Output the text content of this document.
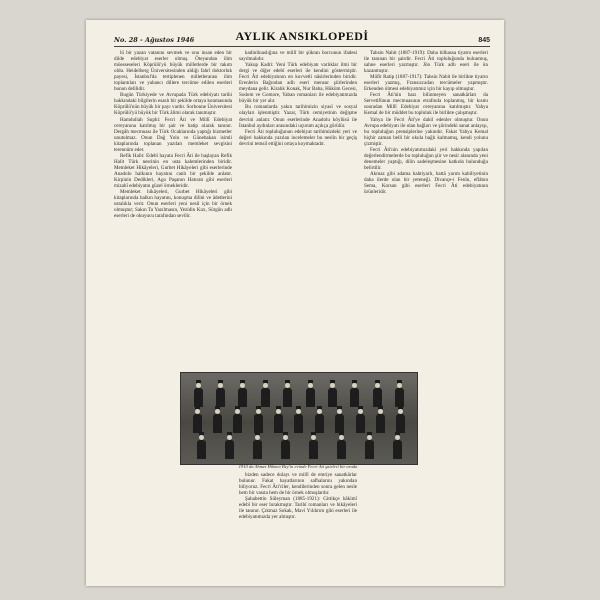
No. 28 - Ağustos 1946	AYLIK ANSIKLOPEDİ	845

lü bir yazan vatanını sevmek ve onu insan eden bir dilde edebiyat eserler olmuş. Öteyandan ilim müesseseleri Köprülü'yü büyük milletlerde bir takım oldu. Heidelberg Üniversitesinden aldığı fahrî doktorluk payesi, İstanbul'da tertiplenen milletlerarası ilim toplantıları ve yabancı dillere tercüme edilen eserleri bunun delilidir.

Bugün Türkiyede ve Avrupada Türk edebiyatı tarihi hakkındaki bilgilerin esaslı bir şekilde ortaya konmasında Köprülü'nün büyük bir payı vardır. Sorbonne Üniversitesi Köprülü'yü büyük bir Türk âlimi olarak tanımıştır.

Hamdullah Suphi: Fecri Âti ve Millî Edebiyat cereyanına katılmış bir şair ve hatip olarak tanınır. Dergâh mecmuası ile Türk Ocaklarında yaptığı hizmetler unutulmaz. Onun Dağ Yolu ve Günebakan isimli kitaplarında toplanan yazıları memleket sevgisini terennüm eder.

Refik Halit: Edebî hayata Fecri Âti ile başlayan Refik Halit Türk nesrinin en usta kalemlerinden biridir. Memleket Hikâyeleri, Gurbet Hikâyeleri gibi eserlerinde Anadolu halkının hayatını canlı bir şekilde anlatır. Kirpinin Dedikleri, Ago Paşanın Hatıratı gibi eserleri mizahî edebiyatın güzel örnekleridir.

Memleket hikâyeleri, Gurbet Hikâyeleri gibi kitaplarında halkın hayatını, konuşma dilini ve âdetlerini ustalıkla verir. Onun eserleri yeni nesil için bir örnek olmuştur; Sakın Ta Yazılmasın, Yezidin Kızı, Sürgün adlı eserleri de okuyucu tarafından sevilir.

kadinlinaslığına ve millî bir şükran borcunun ifadesi sayılmalıdır.

Yakup Kadri: Yeni Türk edebiyatı varlıklar ilmi bir dergi ve diğer edebî eserleri ile kendini göstermiştir. Fecri Âti edebiyatının en kuvvetli nâsirlerinden biridir. Erenlerin Bağından adlı eseri mensur şiirlerinden meydana gelir. Kiralık Konak, Nur Baba, Hüküm Gecesi, Sodom ve Gomore, Yaban romanları ile edebiyatımızda büyük bir yer alır.

Bu romanlarda yakın tarihimizin siyasî ve sosyal olayları işlenmiştir. Yazar, Türk cemiyetinin değişme devrini anlatır. Onun eserlerinde Anadolu köylüsü ile İstanbul aydınları arasındaki uçurum açıkça görülür.

Fecri Âti topluluğunun edebiyat tarihimizdeki yeri ve değeri hakkında yazılan incelemeler bu neslin bir geçiş devrini temsil ettiğini ortaya koymaktadır.

Tahsin Nahit (1887-1919): Daha bilhassa tiyatro eserleri ile tanınan bir şairdir. Fecri Âti topluluğunda bulunmuş, sahne eserleri yazmıştır. Jön Türk adlı eseri ile ün kazanmıştır.

Müfit Ratip (1887-1917): Tahsin Nahit ile birlikte tiyatro eserleri yazmış, Fransızcadan tercümeler yapmıştır. Erkenden ölmesi edebiyatımız için bir kayıp olmuştur.

Fecri Âti'nin bazı bilinmeyen sanatkârları da Servetifünun mecmuasının etrafında toplanmış, bir kısmı sonradan Millî Edebiyat cereyanına katılmıştır. Yahya Kemal de bir müddet bu topluluk ile birlikte çalışmıştır.

Yahya ile Fecri Âti'ye dahil edenler olmuştur. Onun Avrupa edebiyatı ile olan bağları ve şiirindeki sanat anlayışı, bu topluluğun prensiplerine yakındır. Fakat Yahya Kemal hiçbir zaman belli bir okula bağlı kalmamış, kendi yolunu çizmiştir.

Fecri Âti'nin edebiyatımızdaki yeri hakkında yapılan değerlendirmelerde bu topluluğun şiir ve nesir alanında yeni denemeler yaptığı, dilin sadeleşmesine katkıda bulunduğu belirtilir.

Akmaz gibi adama bahtiyarlı, hattâ yarım kabiliyetinin daha ilerde olan bir yeteneği. Divançe-i Fenîn, eflâtun Sema, Korsan gibi eserleri Fecri Âti edebiyatının ürünleridir.

1910 da Ahmet Hikmet Bey'in evinde Fecri Âti şairleri bir arada

bizden sadece dolayı ve millî de emriye sanatkârlar bulunur. Fakat hayatlarının safhalarını yakından biliyoruz. Fecri Âti'ciler, kendilerinden sonra gelen nesle hem bir vasıta hem de bir örnek olmuşlardır.

Şahabettin Süleyman (1885-1921): Gittikçe hâkimî edebî bir eser bırakmıştır. Tarihî romanları ve hikâyeleri ile tanınır. Çıkmaz Sokak, Mavi Yıldırım gibi eserleri ile edebiyatımızda yer almıştır.
